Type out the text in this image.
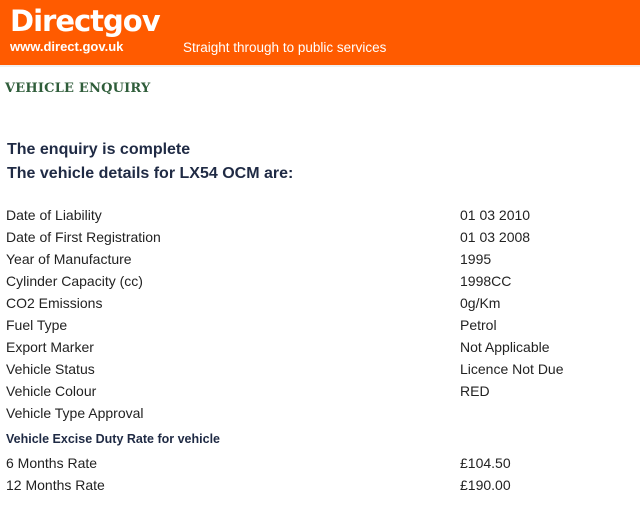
Directgov
www.direct.gov.uk	Straight through to public services
VEHICLE ENQUIRY
The enquiry is complete
The vehicle details for LX54 OCM are:
Date of Liability	01 03 2010
Date of First Registration	01 03 2008
Year of Manufacture	1995
Cylinder Capacity (cc)	1998CC
CO2 Emissions	0g/Km
Fuel Type	Petrol
Export Marker	Not Applicable
Vehicle Status	Licence Not Due
Vehicle Colour	RED
Vehicle Type Approval
Vehicle Excise Duty Rate for vehicle
6 Months Rate	£104.50
12 Months Rate	£190.00
